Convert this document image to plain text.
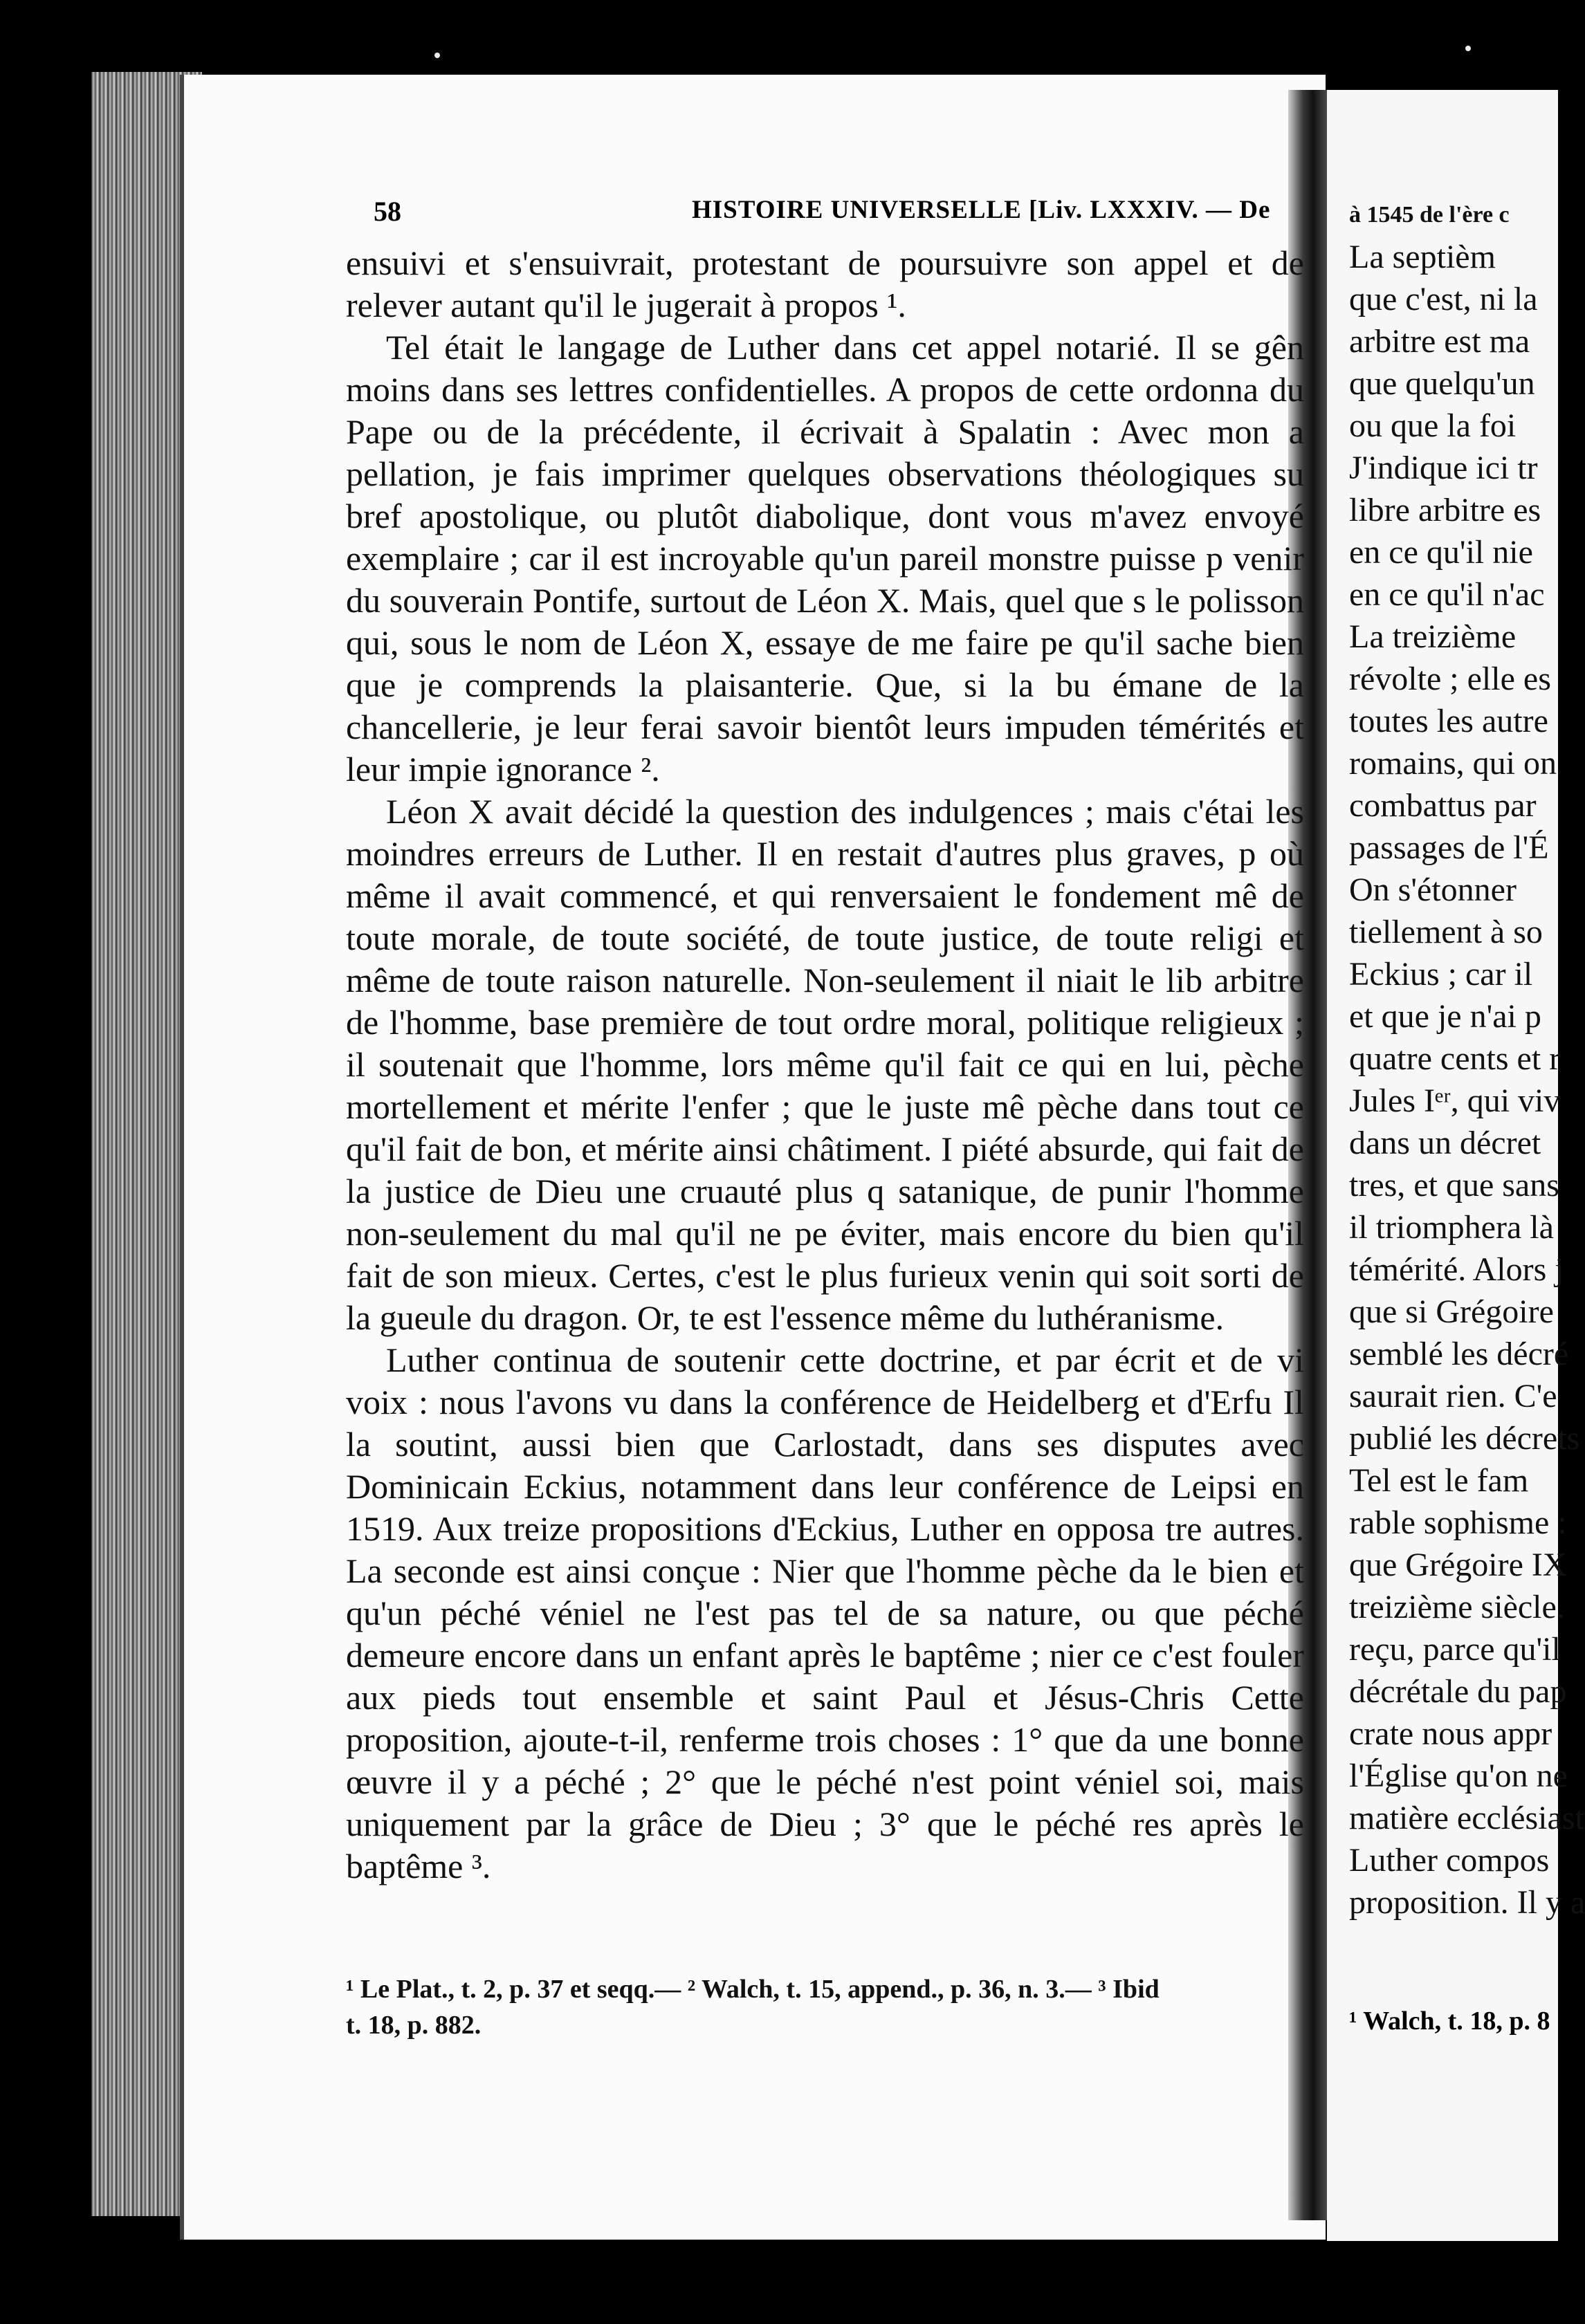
58	HISTOIRE UNIVERSELLE [Liv. LXXXIV. — De

ensuivi et s'ensuivrait, protestant de poursuivre son appel et de relever autant qu'il le jugerait à propos ¹.

Tel était le langage de Luther dans cet appel notarié. Il se gên moins dans ses lettres confidentielles. A propos de cette ordonna du Pape ou de la précédente, il écrivait à Spalatin : Avec mon a pellation, je fais imprimer quelques observations théologiques su bref apostolique, ou plutôt diabolique, dont vous m'avez envoyé exemplaire ; car il est incroyable qu'un pareil monstre puisse p venir du souverain Pontife, surtout de Léon X. Mais, quel que s le polisson qui, sous le nom de Léon X, essaye de me faire pe qu'il sache bien que je comprends la plaisanterie. Que, si la bu émane de la chancellerie, je leur ferai savoir bientôt leurs impuden témérités et leur impie ignorance ².

Léon X avait décidé la question des indulgences ; mais c'étai les moindres erreurs de Luther. Il en restait d'autres plus graves, p où même il avait commencé, et qui renversaient le fondement mê de toute morale, de toute société, de toute justice, de toute religi et même de toute raison naturelle. Non-seulement il niait le lib arbitre de l'homme, base première de tout ordre moral, politique religieux ; il soutenait que l'homme, lors même qu'il fait ce qui en lui, pèche mortellement et mérite l'enfer ; que le juste mê pèche dans tout ce qu'il fait de bon, et mérite ainsi châtiment. I piété absurde, qui fait de la justice de Dieu une cruauté plus q satanique, de punir l'homme non-seulement du mal qu'il ne pe éviter, mais encore du bien qu'il fait de son mieux. Certes, c'est le plus furieux venin qui soit sorti de la gueule du dragon. Or, te est l'essence même du luthéranisme.

Luther continua de soutenir cette doctrine, et par écrit et de vi voix : nous l'avons vu dans la conférence de Heidelberg et d'Erfu Il la soutint, aussi bien que Carlostadt, dans ses disputes avec Dominicain Eckius, notamment dans leur conférence de Leipsi en 1519. Aux treize propositions d'Eckius, Luther en opposa tre autres. La seconde est ainsi conçue : Nier que l'homme pèche da le bien et qu'un péché véniel ne l'est pas tel de sa nature, ou que péché demeure encore dans un enfant après le baptême ; nier ce c'est fouler aux pieds tout ensemble et saint Paul et Jésus-Chris Cette proposition, ajoute-t-il, renferme trois choses : 1° que da une bonne œuvre il y a péché ; 2° que le péché n'est point véniel soi, mais uniquement par la grâce de Dieu ; 3° que le péché res après le baptême ³.

¹ Le Plat., t. 2, p. 37 et seqq.— ² Walch, t. 15, append., p. 36, n. 3.— ³ Ibid
t. 18, p. 882.
à 1545 de l'ère c
La septièm
que c'est, ni la
arbitre est ma
que quelqu'un
ou que la foi
J'indique ici tr
libre arbitre es
en ce qu'il nie
en ce qu'il n'ac
La treizième
révolte ; elle es
toutes les autre
romains, qui on
combattus par
passages de l'É
On s'étonner
tiellement à so
Eckius ; car il
et que je n'ai p
quatre cents et r
Jules Iᵉʳ, qui viv
dans un décret
tres, et que sans
il triomphera là
témérité. Alors j
que si Grégoire
semblé les décré
saurait rien. C'e
publié les décrets
Tel est le fam
rable sophisme :
que Grégoire IX
treizième siècle.
reçu, parce qu'il
décrétale du pap
crate nous appr
l'Église qu'on ne
matière ecclésiast
Luther compos
proposition. Il y a
¹ Walch, t. 18, p. 8
